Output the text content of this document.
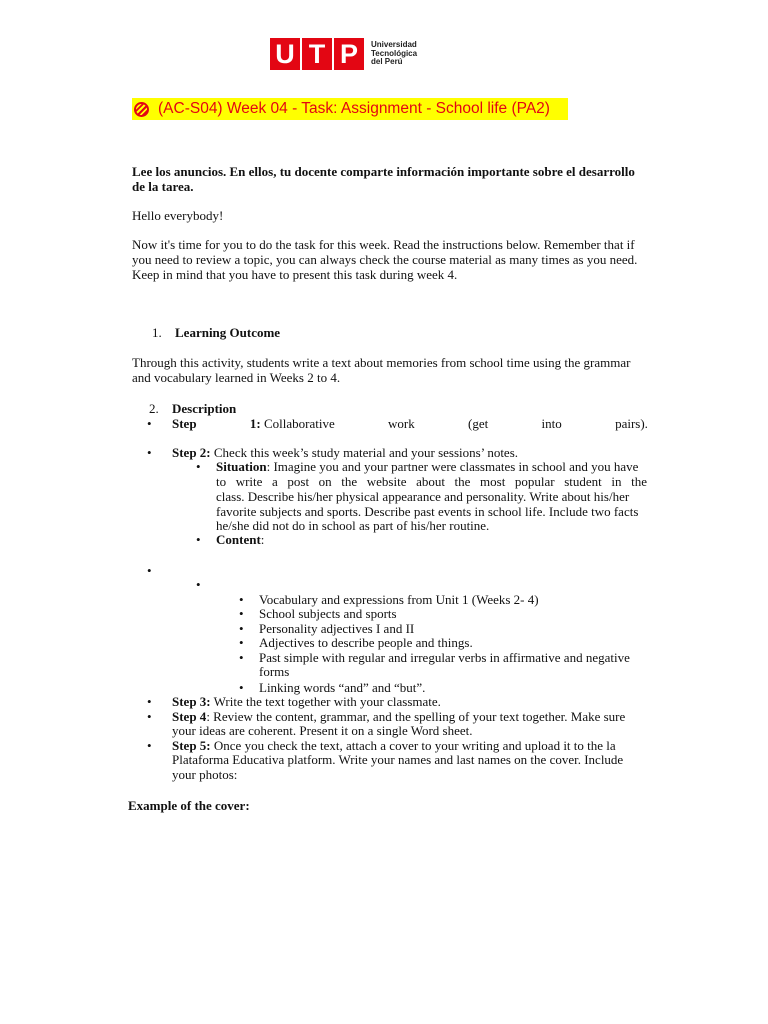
U T P	Universidad
Tecnológica
del Perú
(AC-S04) Week 04 - Task: Assignment - School life (PA2)
Lee los anuncios. En ellos, tu docente comparte información importante sobre el desarrollo
de la tarea.
Hello everybody!
Now it's time for you to do the task for this week. Read the instructions below. Remember that if
you need to review a topic, you can always check the course material as many times as you need.
Keep in mind that you have to present this task during week 4.
1. Learning Outcome
Through this activity, students write a text about memories from school time using the grammar
and vocabulary learned in Weeks 2 to 4.
2. Description
•
Step	1: Collaborative	work	(get	into	pairs).
•
Step 2: Check this week’s study material and your sessions’ notes.
•
Situation: Imagine you and your partner were classmates in school and you have
to write a post on the website about the most popular student in the
class. Describe his/her physical appearance and personality. Write about his/her
favorite subjects and sports. Describe past events in school life. Include two facts
he/she did not do in school as part of his/her routine.
•
Content:
•
•
•
Vocabulary and expressions from Unit 1 (Weeks 2- 4)
•
School subjects and sports
•
Personality adjectives I and II
•
Adjectives to describe people and things.
•
Past simple with regular and irregular verbs in affirmative and negative
forms
•
Linking words “and” and “but”.
•
Step 3: Write the text together with your classmate.
•
Step 4: Review the content, grammar, and the spelling of your text together. Make sure
your ideas are coherent. Present it on a single Word sheet.
•
Step 5: Once you check the text, attach a cover to your writing and upload it to the la
Plataforma Educativa platform. Write your names and last names on the cover. Include
your photos:
Example of the cover:
